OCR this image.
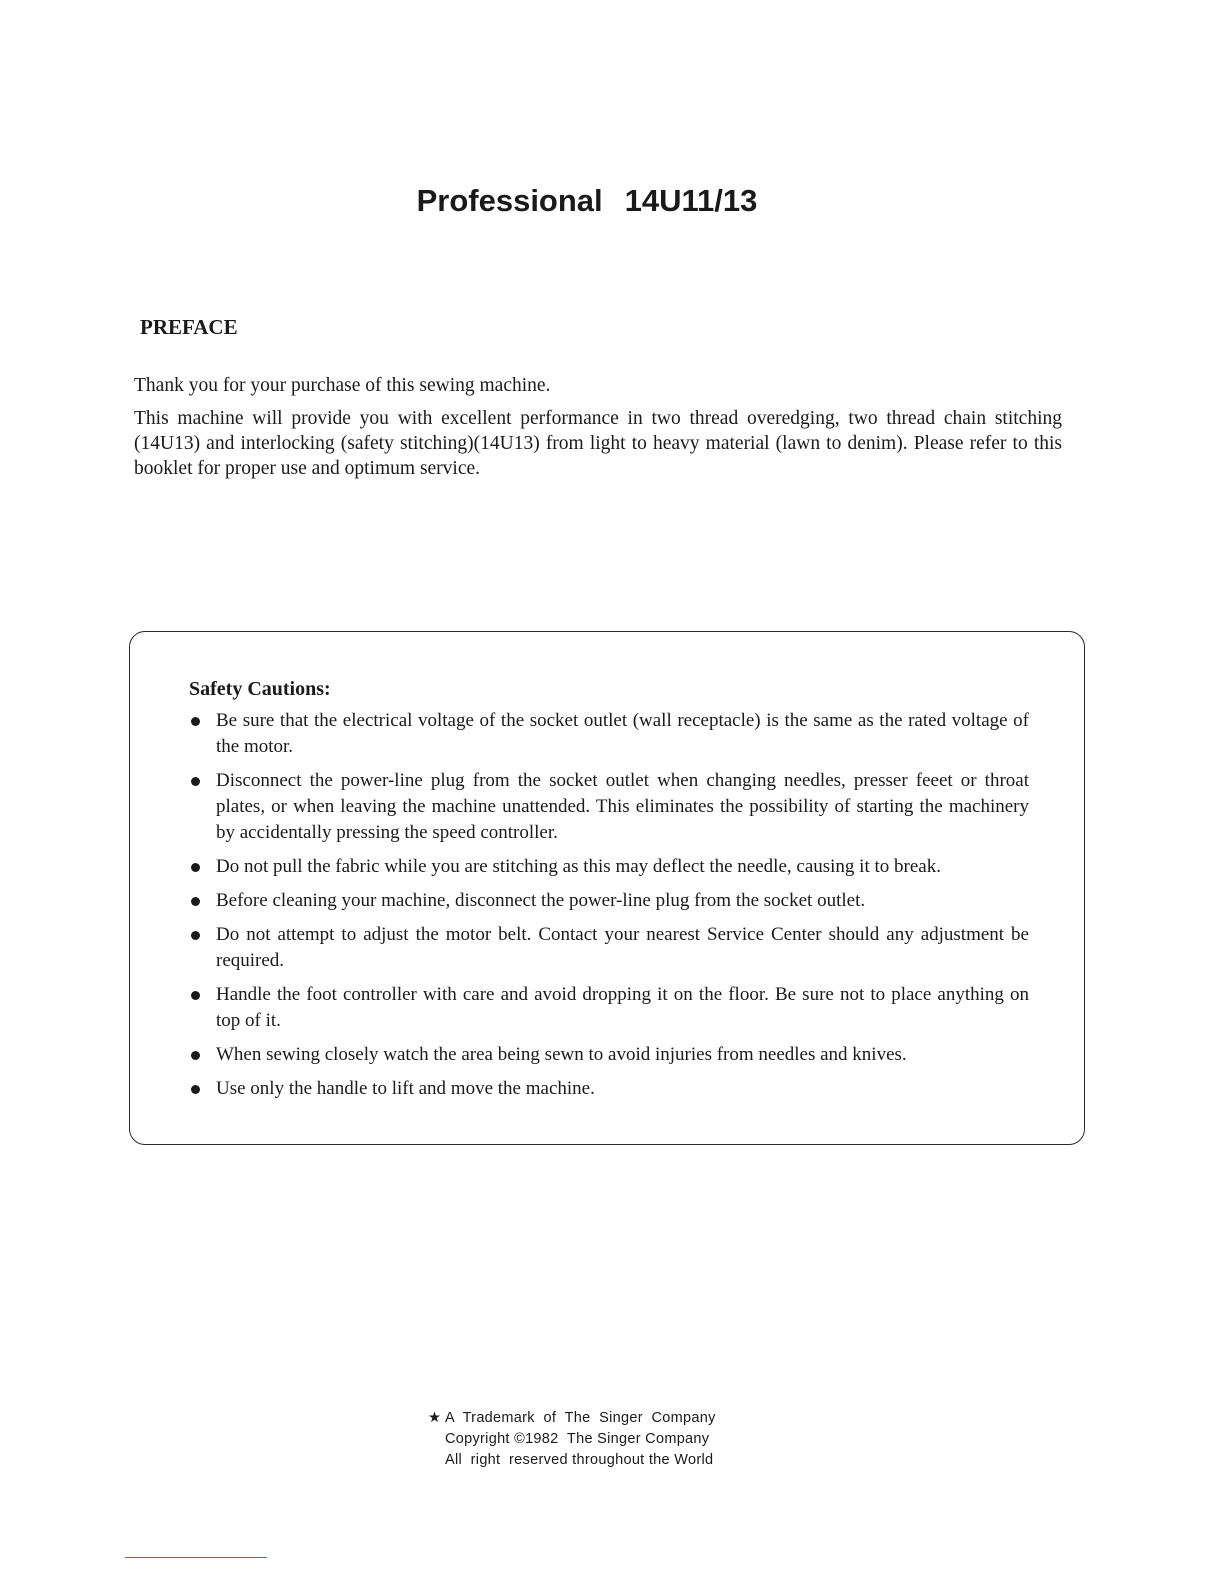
Professional 14U11/13
PREFACE

Thank you for your purchase of this sewing machine.

This machine will provide you with excellent performance in two thread overedging, two thread chain stitching (14U13) and interlocking (safety stitching)(14U13) from light to heavy material (lawn to denim). Please refer to this booklet for proper use and optimum service.

Safety Cautions:
Be sure that the electrical voltage of the socket outlet (wall receptacle) is the same as the rated voltage of the motor.
Disconnect the power-line plug from the socket outlet when changing needles, presser feeet or throat plates, or when leaving the machine unattended. This eliminates the possibility of starting the machinery by accidentally pressing the speed controller.
Do not pull the fabric while you are stitching as this may deflect the needle, causing it to break.
Before cleaning your machine, disconnect the power-line plug from the socket outlet.
Do not attempt to adjust the motor belt. Contact your nearest Service Center should any adjustment be required.
Handle the foot controller with care and avoid dropping it on the floor. Be sure not to place anything on top of it.
When sewing closely watch the area being sewn to avoid injuries from needles and knives.
Use only the handle to lift and move the machine.
★ A  Trademark  of  The  Singer  Company
Copyright ©1982  The Singer Company
All  right  reserved throughout the World
